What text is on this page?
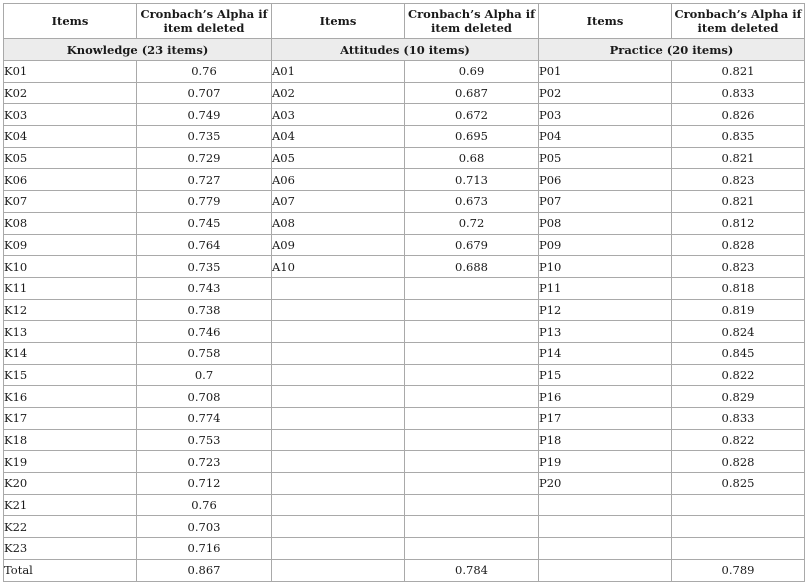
Items	Cronbach’s Alpha if item deleted	Items	Cronbach’s Alpha if item deleted	Items	Cronbach’s Alpha if item deleted
Knowledge (23 items)		Attitudes (10 items)		Practice (20 items)	
K01	0.76	A01	0.69	P01	0.821
K02	0.707	A02	0.687	P02	0.833
K03	0.749	A03	0.672	P03	0.826
K04	0.735	A04	0.695	P04	0.835
K05	0.729	A05	0.68	P05	0.821
K06	0.727	A06	0.713	P06	0.823
K07	0.779	A07	0.673	P07	0.821
K08	0.745	A08	0.72	P08	0.812
K09	0.764	A09	0.679	P09	0.828
K10	0.735	A10	0.688	P10	0.823
K11	0.743			P11	0.818
K12	0.738			P12	0.819
K13	0.746			P13	0.824
K14	0.758			P14	0.845
K15	0.7			P15	0.822
K16	0.708			P16	0.829
K17	0.774			P17	0.833
K18	0.753			P18	0.822
K19	0.723			P19	0.828
K20	0.712			P20	0.825
K21	0.76				
K22	0.703				
K23	0.716				
Total	0.867		0.784		0.789
